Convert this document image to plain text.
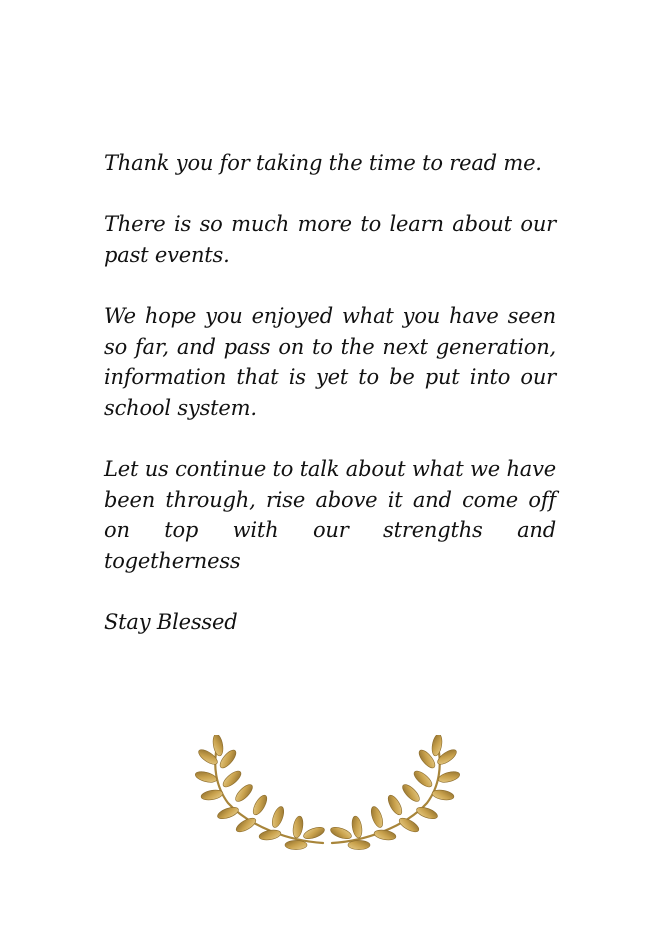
Thank you for taking the time to read me.

There is so much more to learn about our past events.

We hope you enjoyed what you have seen so far, and pass on to the next generation, information that is yet to be put into our school system.

Let us continue to talk about what we have been through, rise above it and come off on top with our strengths and togetherness

Stay Blessed
